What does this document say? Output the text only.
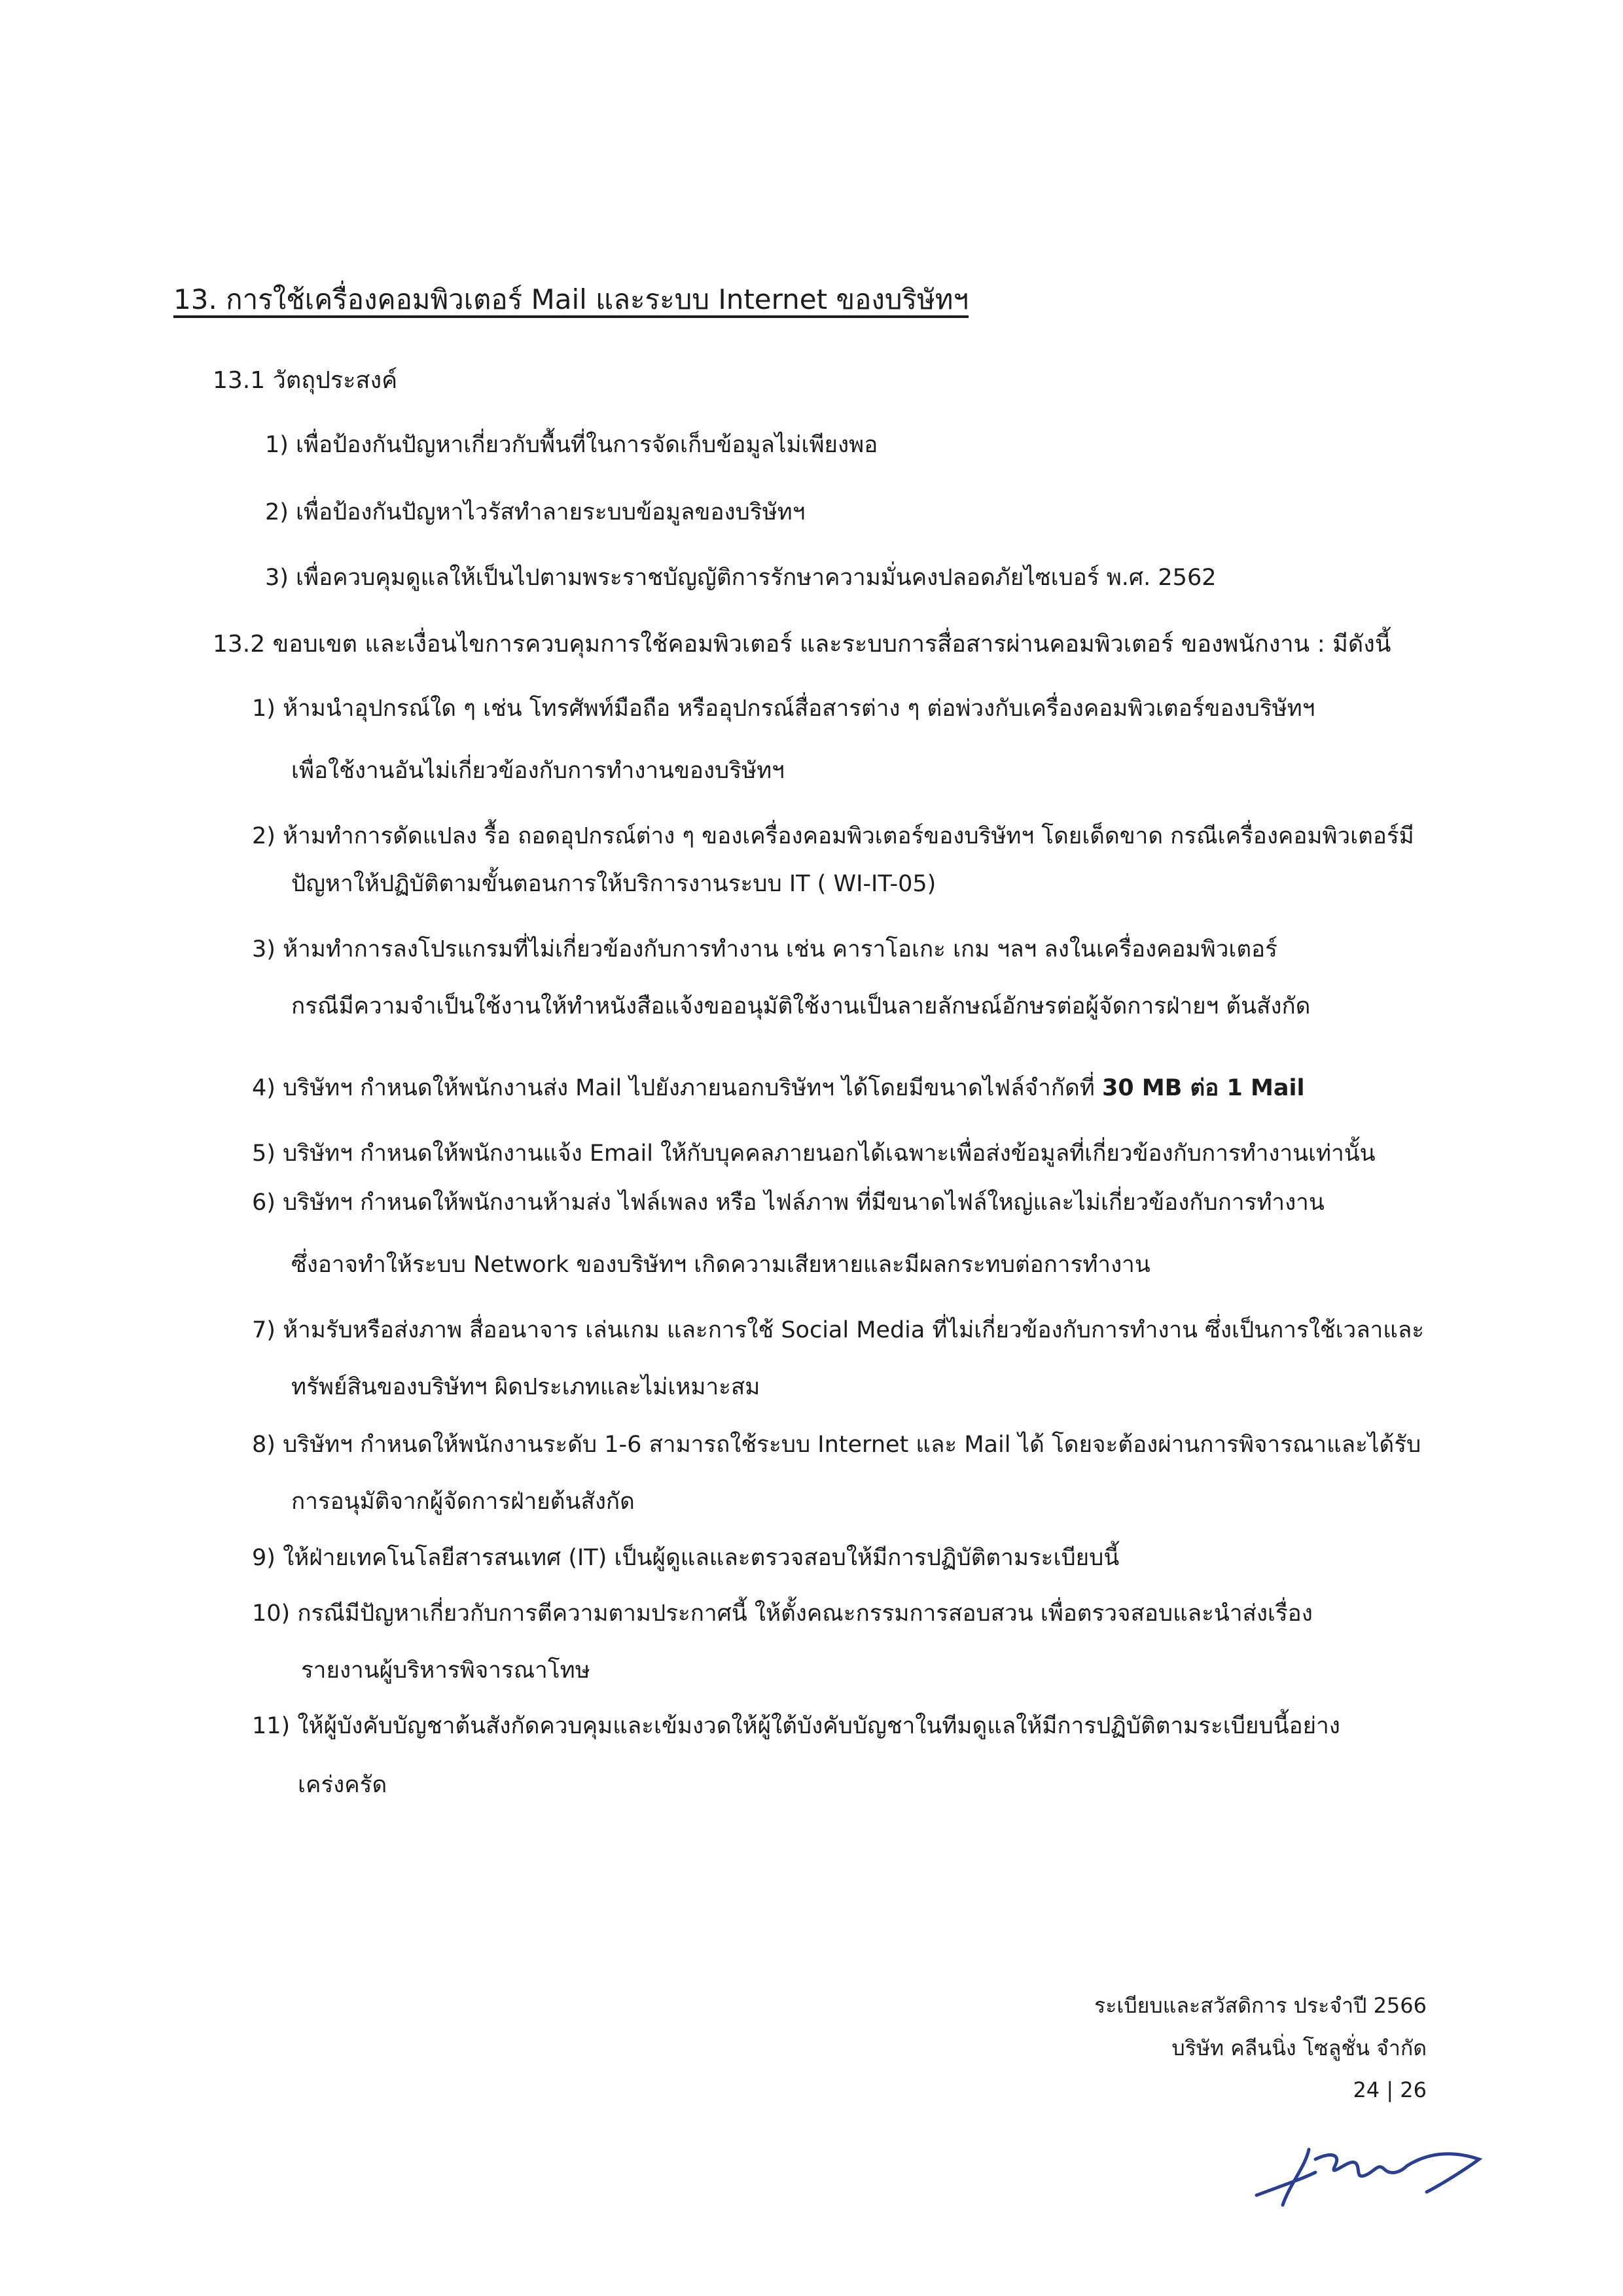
13. การใช้เครื่องคอมพิวเตอร์ Mail และระบบ Internet ของบริษัทฯ
13.1 วัตถุประสงค์
1) เพื่อป้องกันปัญหาเกี่ยวกับพื้นที่ในการจัดเก็บข้อมูลไม่เพียงพอ
2) เพื่อป้องกันปัญหาไวรัสทำลายระบบข้อมูลของบริษัทฯ
3) เพื่อควบคุมดูแลให้เป็นไปตามพระราชบัญญัติการรักษาความมั่นคงปลอดภัยไซเบอร์ พ.ศ. 2562
13.2 ขอบเขต และเงื่อนไขการควบคุมการใช้คอมพิวเตอร์ และระบบการสื่อสารผ่านคอมพิวเตอร์ ของพนักงาน : มีดังนี้
1) ห้ามนำอุปกรณ์ใด ๆ เช่น โทรศัพท์มือถือ หรืออุปกรณ์สื่อสารต่าง ๆ ต่อพ่วงกับเครื่องคอมพิวเตอร์ของบริษัทฯ
เพื่อใช้งานอันไม่เกี่ยวข้องกับการทำงานของบริษัทฯ
2) ห้ามทำการดัดแปลง รื้อ ถอดอุปกรณ์ต่าง ๆ ของเครื่องคอมพิวเตอร์ของบริษัทฯ โดยเด็ดขาด กรณีเครื่องคอมพิวเตอร์มี
ปัญหาให้ปฏิบัติตามขั้นตอนการให้บริการงานระบบ IT ( WI-IT-05)
3) ห้ามทำการลงโปรแกรมที่ไม่เกี่ยวข้องกับการทำงาน เช่น คาราโอเกะ เกม ฯลฯ ลงในเครื่องคอมพิวเตอร์
กรณีมีความจำเป็นใช้งานให้ทำหนังสือแจ้งขออนุมัติใช้งานเป็นลายลักษณ์อักษรต่อผู้จัดการฝ่ายฯ ต้นสังกัด
4) บริษัทฯ กำหนดให้พนักงานส่ง Mail ไปยังภายนอกบริษัทฯ ได้โดยมีขนาดไฟล์จำกัดที่ 30 MB ต่อ 1 Mail
5) บริษัทฯ กำหนดให้พนักงานแจ้ง Email ให้กับบุคคลภายนอกได้เฉพาะเพื่อส่งข้อมูลที่เกี่ยวข้องกับการทำงานเท่านั้น
6) บริษัทฯ กำหนดให้พนักงานห้ามส่ง ไฟล์เพลง หรือ ไฟล์ภาพ ที่มีขนาดไฟล์ใหญ่และไม่เกี่ยวข้องกับการทำงาน
ซึ่งอาจทำให้ระบบ Network ของบริษัทฯ เกิดความเสียหายและมีผลกระทบต่อการทำงาน
7) ห้ามรับหรือส่งภาพ สื่ออนาจาร เล่นเกม และการใช้ Social Media ที่ไม่เกี่ยวข้องกับการทำงาน ซึ่งเป็นการใช้เวลาและ
ทรัพย์สินของบริษัทฯ ผิดประเภทและไม่เหมาะสม
8) บริษัทฯ กำหนดให้พนักงานระดับ 1-6 สามารถใช้ระบบ Internet และ Mail ได้ โดยจะต้องผ่านการพิจารณาและได้รับ
การอนุมัติจากผู้จัดการฝ่ายต้นสังกัด
9) ให้ฝ่ายเทคโนโลยีสารสนเทศ (IT) เป็นผู้ดูแลและตรวจสอบให้มีการปฏิบัติตามระเบียบนี้
10) กรณีมีปัญหาเกี่ยวกับการตีความตามประกาศนี้ ให้ตั้งคณะกรรมการสอบสวน เพื่อตรวจสอบและนำส่งเรื่อง
รายงานผู้บริหารพิจารณาโทษ
11) ให้ผู้บังคับบัญชาต้นสังกัดควบคุมและเข้มงวดให้ผู้ใต้บังคับบัญชาในทีมดูแลให้มีการปฏิบัติตามระเบียบนี้อย่าง
เคร่งครัด
ระเบียบและสวัสดิการ ประจำปี 2566
บริษัท คลีนนิ่ง โซลูชั่น จำกัด
24 | 26
